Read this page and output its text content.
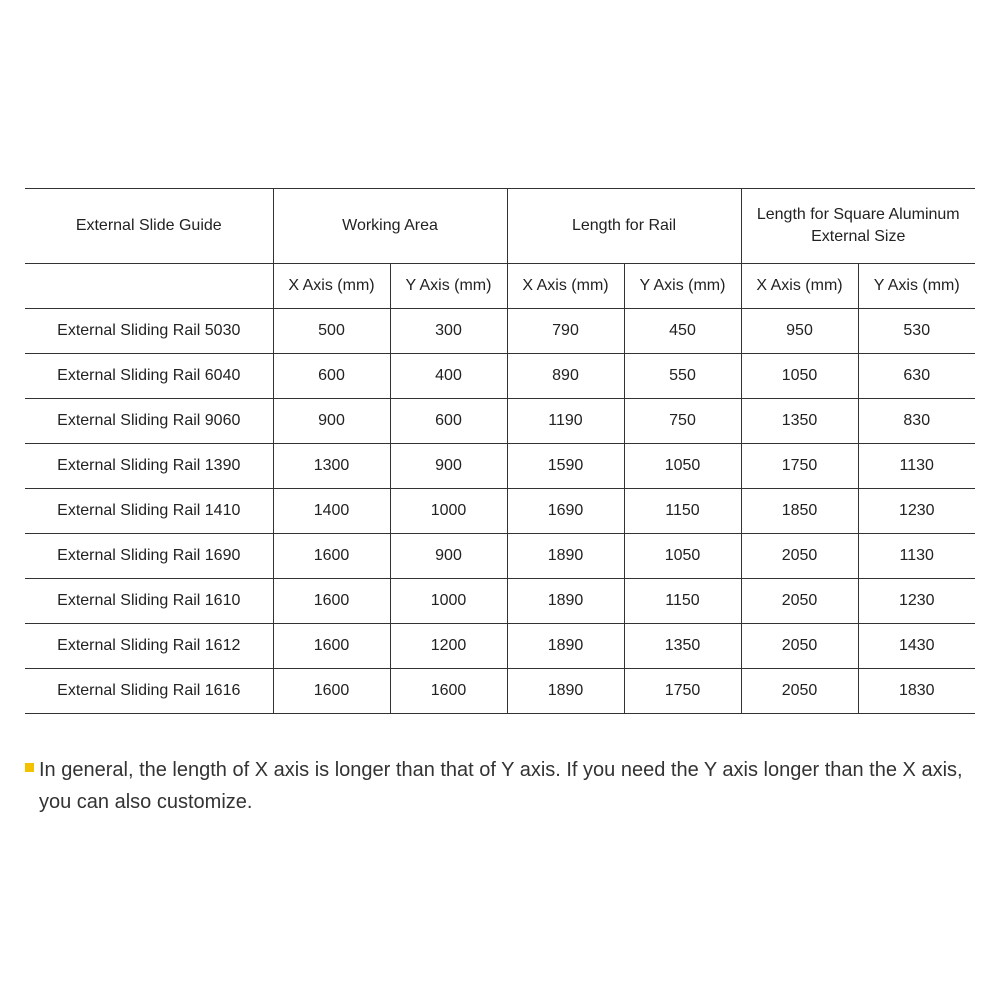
External Slide Guide	Working Area		Length for Rail		Length for Square Aluminum External Size	
	X Axis (mm)	Y Axis (mm)	X Axis (mm)	Y Axis (mm)	X Axis (mm)	Y Axis (mm)
External Sliding Rail 5030	500	300	790	450	950	530
External Sliding Rail 6040	600	400	890	550	1050	630
External Sliding Rail 9060	900	600	1190	750	1350	830
External Sliding Rail 1390	1300	900	1590	1050	1750	1130
External Sliding Rail 1410	1400	1000	1690	1150	1850	1230
External Sliding Rail 1690	1600	900	1890	1050	2050	1130
External Sliding Rail 1610	1600	1000	1890	1150	2050	1230
External Sliding Rail 1612	1600	1200	1890	1350	2050	1430
External Sliding Rail 1616	1600	1600	1890	1750	2050	1830
In general, the length of X axis is longer than that of Y axis. If you need the Y axis longer than the X axis, you can also customize.
